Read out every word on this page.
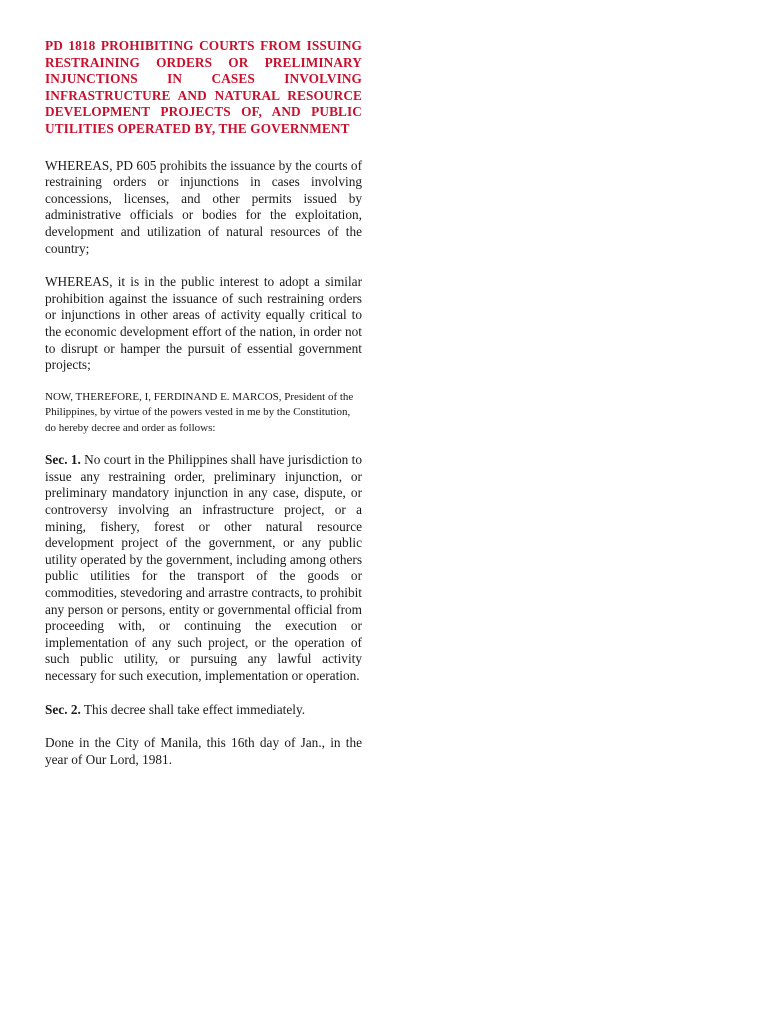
PD 1818 PROHIBITING COURTS FROM ISSUING RESTRAINING ORDERS OR PRELIMINARY INJUNCTIONS IN CASES INVOLVING INFRASTRUCTURE AND NATURAL RESOURCE DEVELOPMENT PROJECTS OF, AND PUBLIC UTILITIES OPERATED BY, THE GOVERNMENT

WHEREAS, PD 605 prohibits the issuance by the courts of restraining orders or injunctions in cases involving concessions, licenses, and other permits issued by administrative officials or bodies for the exploitation, development and utilization of natural resources of the country;

WHEREAS, it is in the public interest to adopt a similar prohibition against the issuance of such restraining orders or injunctions in other areas of activity equally critical to the economic development effort of the nation, in order not to disrupt or hamper the pursuit of essential government projects;

NOW, THEREFORE, I, FERDINAND E. MARCOS, President of the Philippines, by virtue of the powers vested in me by the Constitution, do hereby decree and order as follows:

Sec. 1. No court in the Philippines shall have jurisdiction to issue any restraining order, preliminary injunction, or preliminary mandatory injunction in any case, dispute, or controversy involving an infrastructure project, or a mining, fishery, forest or other natural resource development project of the government, or any public utility operated by the government, including among others public utilities for the transport of the goods or commodities, stevedoring and arrastre contracts, to prohibit any person or persons, entity or governmental official from proceeding with, or continuing the execution or implementation of any such project, or the operation of such public utility, or pursuing any lawful activity necessary for such execution, implementation or operation.

Sec. 2. This decree shall take effect immediately.

Done in the City of Manila, this 16th day of Jan., in the year of Our Lord, 1981.
